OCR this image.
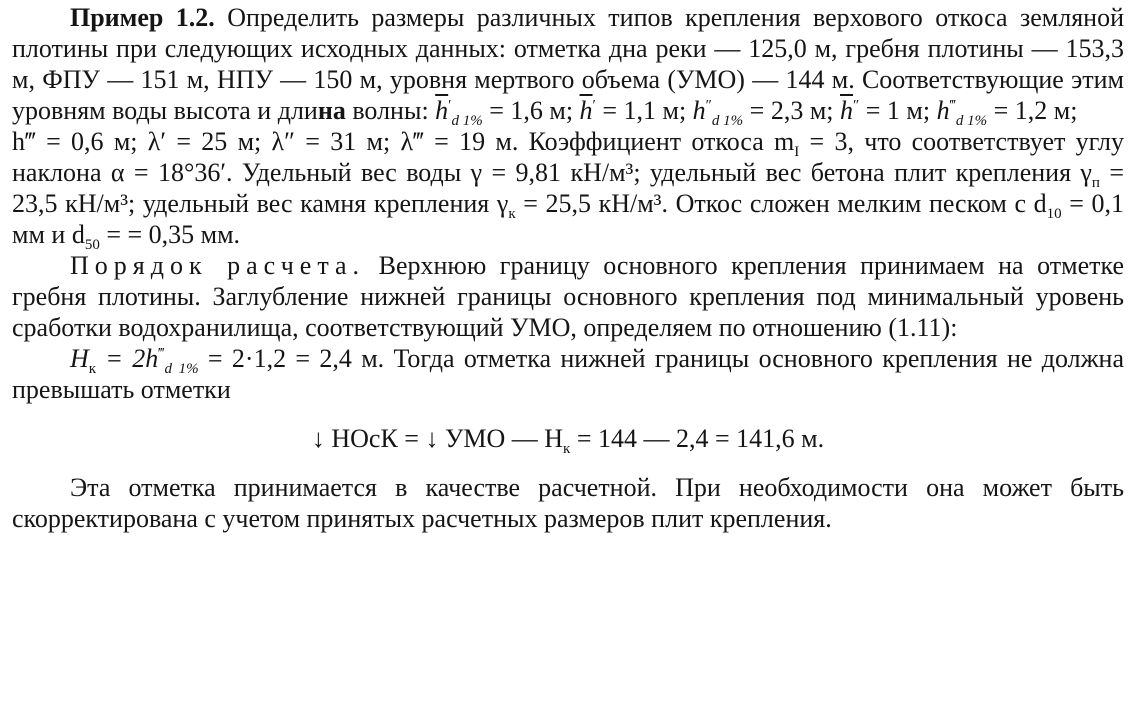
Пример 1.2. Определить размеры различных типов крепления верхового откоса земляной плотины при следующих исходных данных: отметка дна реки — 125,0 м, гребня плотины — 153,3 м, ФПУ — 151 м, НПУ — 150 м, уровня мертвого объема (УМО) — 144 м. Соответствующие этим уровням воды высота и длина волны: $\overline{h}'_{d 1\%} = 1,6$ м; $\overline{h}' = 1,1$ м; $h''_{d 1\%} = 2,3$ м; $\overline{h}'' = 1$ м; $h^‴_{d 1\%} = 1,2$ м;
h‴ = 0,6 м; λ′ = 25 м; λ″ = 31 м; λ‴ = 19 м. Коэффициент откоса $m_I = 3$, что соответствует углу наклона α = 18°36′. Удельный вес воды γ = 9,81 кН/м³; удельный вес бетона плит крепления $\gamma_п = 23,5$ кН/м³; удельный вес камня крепления $\gamma_к = 25,5$ кН/м³. Откос сложен мелким песком с $d_{10} = 0,1$ мм и $d_{50}$ = = 0,35 мм.

Порядок расчета. Верхнюю границу основного крепления принимаем на отметке гребня плотины. Заглубление нижней границы основного крепления под минимальный уровень сработки водохранилища, соответствующий УМО, определяем по отношению (1.11):

$H_к = 2h^‴_{d 1\%} = 2\cdot 1,2 = 2,4$ м. Тогда отметка нижней границы основного крепления не должна превышать отметки

↓ НОсК = ↓ УМО — $H_к = 144$ — 2,4 = 141,6 м.

Эта отметка принимается в качестве расчетной. При необходимости она может быть скорректирована с учетом принятых расчетных размеров плит крепления.
